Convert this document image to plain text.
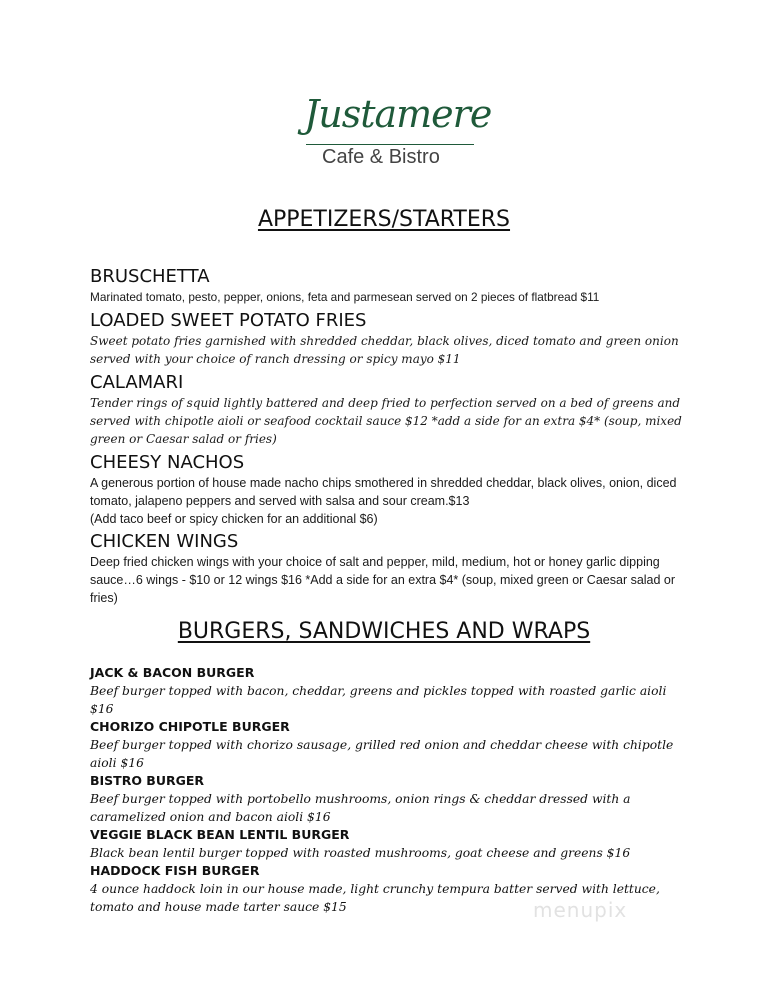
Justamere
Cafe & Bistro
APPETIZERS/STARTERS
BRUSCHETTA
Marinated tomato, pesto, pepper, onions, feta and parmesean served on 2 pieces of flatbread $11
LOADED SWEET POTATO FRIES
Sweet potato fries garnished with shredded cheddar, black olives, diced tomato and green onion served with your choice of ranch dressing or spicy mayo $11
CALAMARI
Tender rings of squid lightly battered and deep fried to perfection served on a bed of greens and served with chipotle aioli or seafood cocktail sauce $12 *add a side for an extra $4* (soup, mixed green or Caesar salad or fries)
CHEESY NACHOS
A generous portion of house made nacho chips smothered in shredded cheddar, black olives, onion, diced tomato, jalapeno peppers and served with salsa and sour cream.$13
(Add taco beef or spicy chicken for an additional $6)
CHICKEN WINGS
Deep fried chicken wings with your choice of salt and pepper, mild, medium, hot or honey garlic dipping sauce…6 wings - $10 or 12 wings $16 *Add a side for an extra $4* (soup, mixed green or Caesar salad or fries)
BURGERS, SANDWICHES AND WRAPS
JACK & BACON BURGER
Beef burger topped with bacon, cheddar, greens and pickles topped with roasted garlic aioli $16
CHORIZO CHIPOTLE BURGER
Beef burger topped with chorizo sausage, grilled red onion and cheddar cheese with chipotle aioli $16
BISTRO BURGER
Beef burger topped with portobello mushrooms, onion rings & cheddar dressed with a caramelized onion and bacon aioli $16
VEGGIE BLACK BEAN LENTIL BURGER
Black bean lentil burger topped with roasted mushrooms, goat cheese and greens $16
HADDOCK FISH BURGER
4 ounce haddock loin in our house made, light crunchy tempura batter served with lettuce, tomato and house made tarter sauce $15	menupix
